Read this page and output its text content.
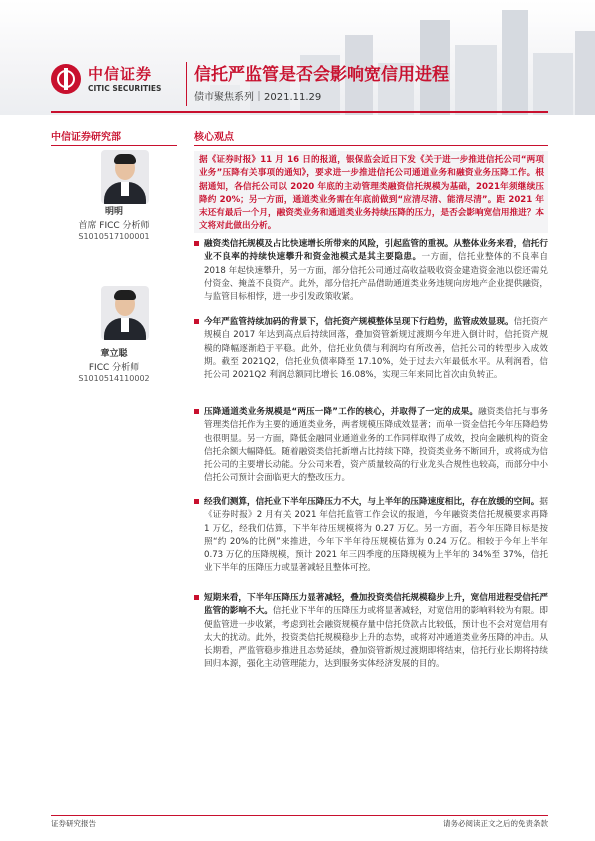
中信证券
CITIC SECURITIES
信托严监管是否会影响宽信用进程
债市聚焦系列｜2021.11.29
中信证券研究部
明明
首席 FICC 分析师
S1010517100001
章立聪
FICC 分析师
S1010514110002
核心观点

据《证券时报》11 月 16 日的报道，银保监会近日下发《关于进一步推进信托公司“两项业务”压降有关事项的通知》，要求进一步推进信托公司通道业务和融资业务压降工作。根据通知，各信托公司以 2020 年底的主动管理类融资信托规模为基础，2021年须继续压降约 20%；另一方面，通道类业务需在年底前做到“应清尽清、能清尽清”。距 2021 年末还有最后一个月，融资类业务和通道类业务持续压降的压力，是否会影响宽信用推进？本文将对此做出分析。

融资类信托规模及占比快速增长所带来的风险，引起监管的重视。从整体业务来看，信托行业不良率的持续快速攀升和资金池模式是其主要隐患。一方面，信托业整体的不良率自 2018 年起快速攀升，另一方面，部分信托公司通过高收益吸收资金建造资金池以偿还需兑付资金、掩盖不良资产。此外，部分信托产品借助通道类业务违规向房地产企业提供融资，与监管目标相悖，进一步引发政策收紧。

今年严监管持续加码的背景下，信托资产规模整体呈现下行趋势，监管成效显现。信托资产规模自 2017 年达到高点后持续回落，叠加资管新规过渡期今年进入倒计时，信托资产规模的降幅逐渐趋于平稳。此外，信托业负债与利润均有所改善，信托公司的转型步入成效期。截至 2021Q2，信托业负债率降至 17.10%，处于过去六年最低水平。从利润看，信托公司 2021Q2 利润总额同比增长 16.08%，实现三年来同比首次由负转正。

压降通道类业务规模是“两压一降”工作的核心，并取得了一定的成果。融资类信托与事务管理类信托作为主要的通道类业务，两者规模压降成效显著；而单一资金信托今年压降趋势也很明显。另一方面，降低金融同业通道业务的工作同样取得了成效，投向金融机构的资金信托余额大幅降低。随着融资类信托新增占比持续下降，投资类业务不断回升，或将成为信托公司的主要增长动能。分公司来看，资产质量较高的行业龙头合规性也较高，而部分中小信托公司预计会面临更大的整改压力。

经我们测算，信托业下半年压降压力不大，与上半年的压降速度相比，存在放缓的空间。据《证券时报》2 月有关 2021 年信托监管工作会议的报道，今年融资类信托规模要求再降 1 万亿，经我们估算，下半年待压规模将为 0.27 万亿。另一方面，若今年压降目标是按照“约 20%的比例”来推进，今年下半年待压规模估算为 0.24 万亿。相较于今年上半年 0.73 万亿的压降规模，预计 2021 年三四季度的压降规模为上半年的 34%至 37%，信托业下半年的压降压力或显著减轻且整体可控。

短期来看，下半年压降压力显著减轻，叠加投资类信托规模稳步上升，宽信用进程受信托严监管的影响不大。信托业下半年的压降压力或将显著减轻，对宽信用的影响料较为有限。即便监管进一步收紧，考虑到社会融资规模存量中信托贷款占比较低，预计也不会对宽信用有太大的扰动。此外，投资类信托规模稳步上升的态势，或将对冲通道类业务压降的冲击。从长期看，严监管稳步推进且态势延续，叠加资管新规过渡期即将结束，信托行业长期将持续回归本源，强化主动管理能力，达到服务实体经济发展的目的。

证券研究报告	请务必阅读正文之后的免责条款
